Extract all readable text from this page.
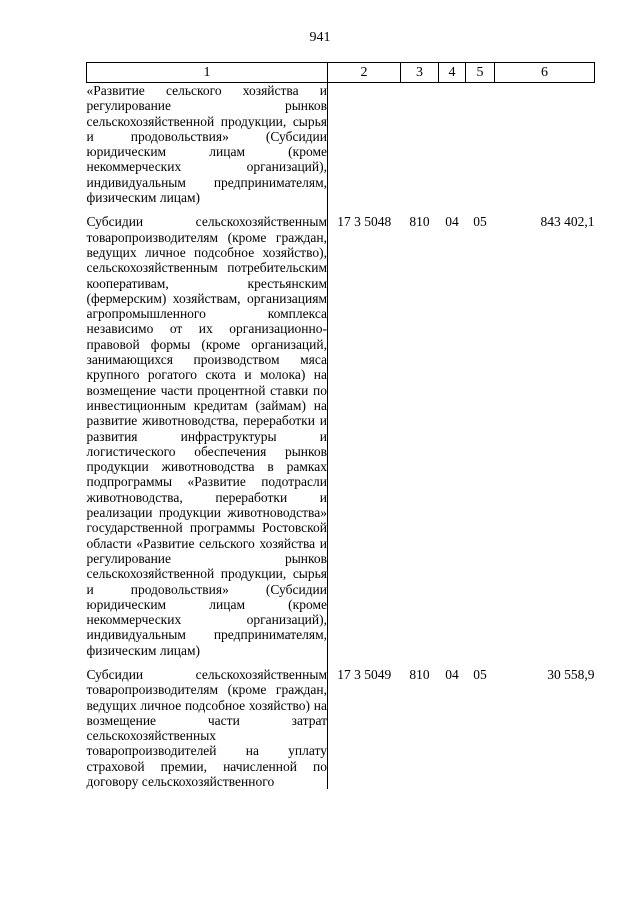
941
1	2	3	4	5	6
«Развитие сельского хозяйства и регулирование рынков сельскохозяйственной продукции, сырья и продовольствия» (Субсидии юридическим лицам (кроме некоммерческих организаций), индивидуальным предпринимателям, физическим лицам)					
Субсидии сельскохозяйственным товаропроизводителям (кроме граждан, ведущих личное подсобное хозяйство), сельскохозяйственным потребительским кооперативам, крестьянским (фермерским) хозяйствам, организациям агропромышленного комплекса независимо от их организационно-правовой формы (кроме организаций, занимающихся производством мяса крупного рогатого скота и молока) на возмещение части процентной ставки по инвестиционным кредитам (займам) на развитие животноводства, переработки и развития инфраструктуры и логистического обеспечения рынков продукции животноводства в рамках подпрограммы «Развитие подотрасли животноводства, переработки и реализации продукции животноводства» государственной программы Ростовской области «Развитие сельского хозяйства и регулирование рынков сельскохозяйственной продукции, сырья и продовольствия» (Субсидии юридическим лицам (кроме некоммерческих организаций), индивидуальным предпринимателям, физическим лицам)	17 3 5048	810	04	05	843 402,1
Субсидии сельскохозяйственным товаропроизводителям (кроме граждан, ведущих личное подсобное хозяйство) на возмещение части затрат сельскохозяйственных товаропроизводителей на уплату страховой премии, начисленной по договору сельскохозяйственного	17 3 5049	810	04	05	30 558,9
